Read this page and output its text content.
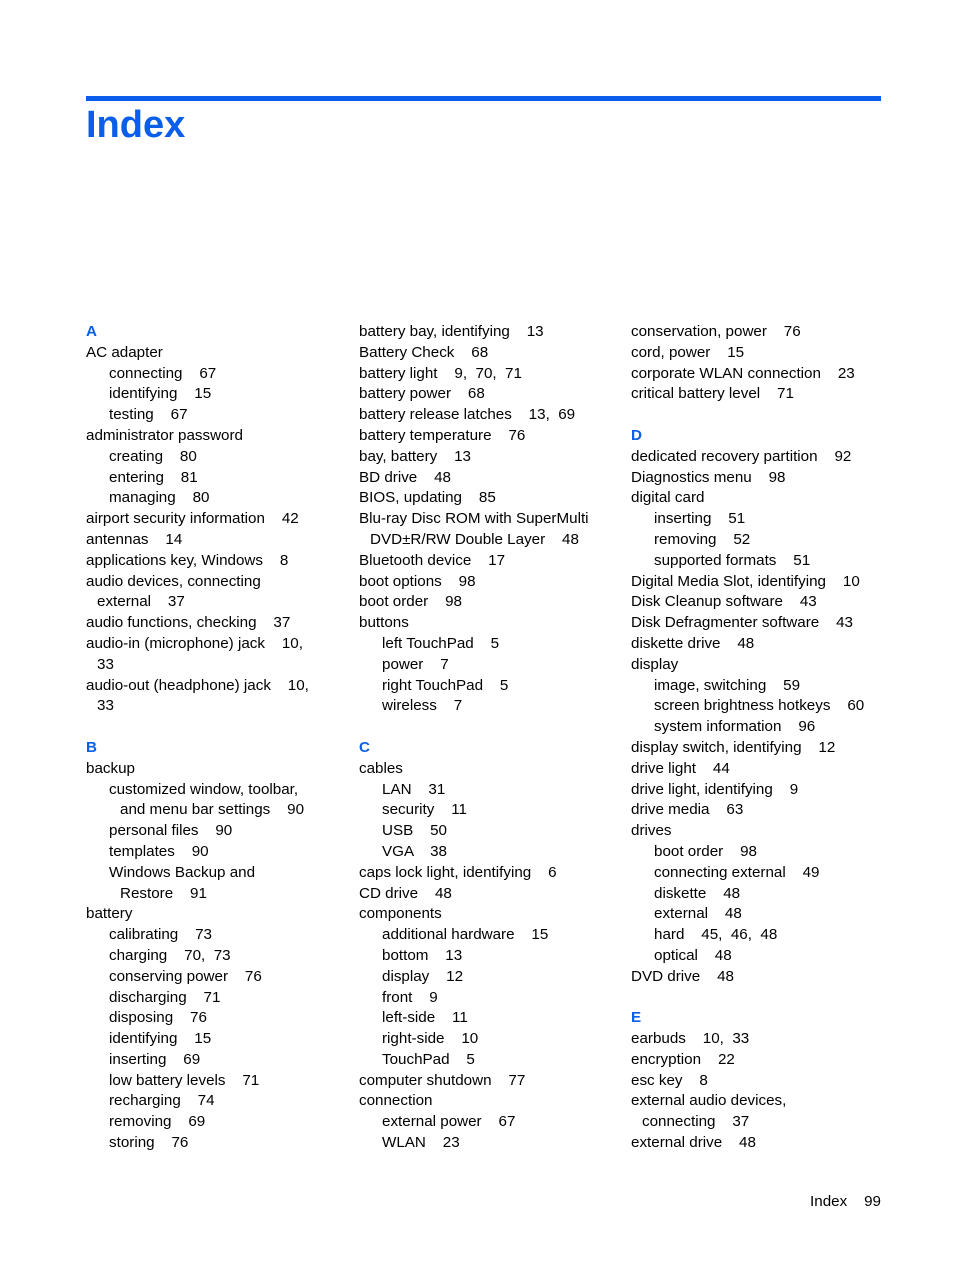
Index
A
AC adapter
connecting    67
identifying    15
testing    67
administrator password
creating    80
entering    81
managing    80
airport security information    42
antennas    14
applications key, Windows    8
audio devices, connecting
external    37
audio functions, checking    37
audio-in (microphone) jack    10,
33
audio-out (headphone) jack    10,
33
B
backup
customized window, toolbar,
and menu bar settings    90
personal files    90
templates    90
Windows Backup and
Restore    91
battery
calibrating    73
charging    70,  73
conserving power    76
discharging    71
disposing    76
identifying    15
inserting    69
low battery levels    71
recharging    74
removing    69
storing    76
battery bay, identifying    13
Battery Check    68
battery light    9,  70,  71
battery power    68
battery release latches    13,  69
battery temperature    76
bay, battery    13
BD drive    48
BIOS, updating    85
Blu-ray Disc ROM with SuperMulti
DVD±R/RW Double Layer    48
Bluetooth device    17
boot options    98
boot order    98
buttons
left TouchPad    5
power    7
right TouchPad    5
wireless    7
C
cables
LAN    31
security    11
USB    50
VGA    38
caps lock light, identifying    6
CD drive    48
components
additional hardware    15
bottom    13
display    12
front    9
left-side    11
right-side    10
TouchPad    5
computer shutdown    77
connection
external power    67
WLAN    23
conservation, power    76
cord, power    15
corporate WLAN connection    23
critical battery level    71
D
dedicated recovery partition    92
Diagnostics menu    98
digital card
inserting    51
removing    52
supported formats    51
Digital Media Slot, identifying    10
Disk Cleanup software    43
Disk Defragmenter software    43
diskette drive    48
display
image, switching    59
screen brightness hotkeys    60
system information    96
display switch, identifying    12
drive light    44
drive light, identifying    9
drive media    63
drives
boot order    98
connecting external    49
diskette    48
external    48
hard    45,  46,  48
optical    48
DVD drive    48
E
earbuds    10,  33
encryption    22
esc key    8
external audio devices,
connecting    37
external drive    48
Index 99
